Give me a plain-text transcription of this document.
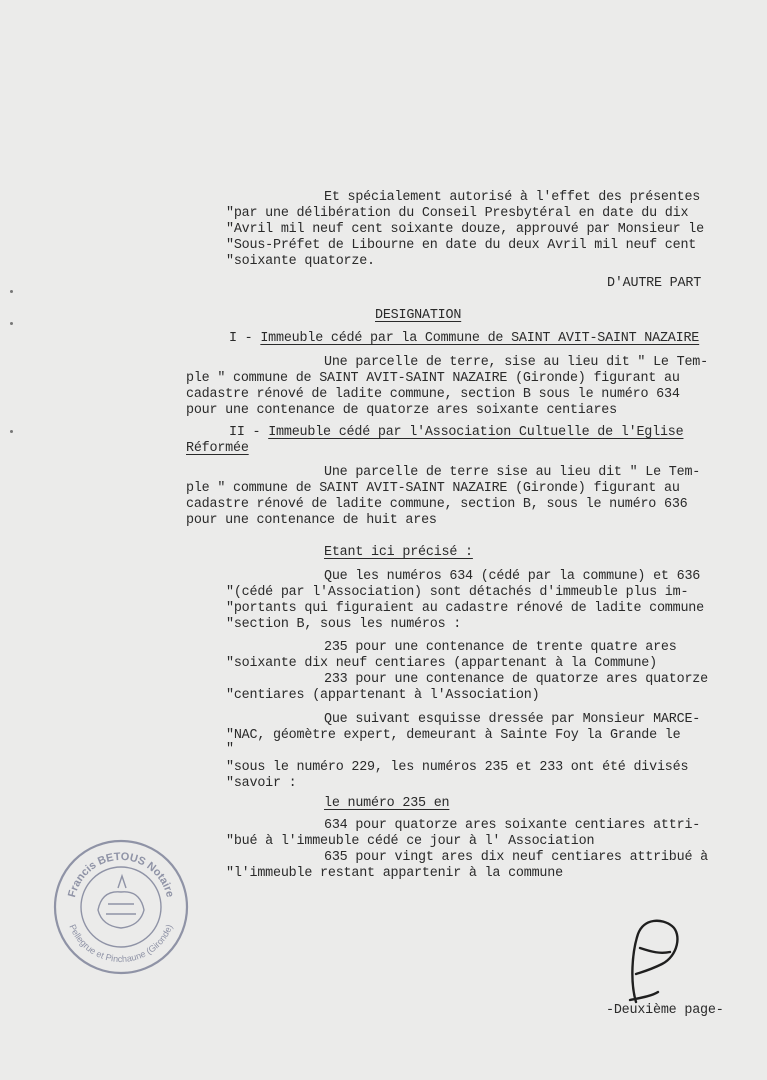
Et spécialement autorisé à l'effet des présentes
"par une délibération du Conseil Presbytéral en date du dix
"Avril mil neuf cent soixante douze, approuvé par Monsieur le
"Sous-Préfet de Libourne en date du deux Avril mil neuf cent
"soixante quatorze.
D'AUTRE PART
DESIGNATION
I - Immeuble cédé par la Commune de SAINT AVIT-SAINT NAZAIRE
Une parcelle de terre, sise au lieu dit " Le Tem-
ple " commune de SAINT AVIT-SAINT NAZAIRE (Gironde) figurant au
cadastre rénové de ladite commune, section B sous le numéro 634
pour une contenance de quatorze ares soixante centiares
II - Immeuble cédé par l'Association Cultuelle de l'Eglise
Réformée
Une parcelle de terre sise au lieu dit " Le Tem-
ple " commune de SAINT AVIT-SAINT NAZAIRE (Gironde) figurant au
cadastre rénové de ladite commune, section B, sous le numéro 636
pour une contenance de huit ares
Etant ici précisé :
Que les numéros 634 (cédé par la commune) et 636
"(cédé par l'Association) sont détachés d'immeuble plus im-
"portants qui figuraient au cadastre rénové de ladite commune
"section B, sous les numéros :
235 pour une contenance de trente quatre ares
"soixante dix neuf centiares (appartenant à la Commune)
233 pour une contenance de quatorze ares quatorze
"centiares (appartenant à l'Association)
Que suivant esquisse dressée par Monsieur MARCE-
"NAC, géomètre expert, demeurant à Sainte Foy la Grande le
"
"sous le numéro 229, les numéros 235 et 233 ont été divisés
"savoir :
le numéro 235 en
634 pour quatorze ares soixante centiares attri-
"bué à l'immeuble cédé ce jour à l' Association
635 pour vingt ares dix neuf centiares attribué à
"l'immeuble restant appartenir à la commune
Francis BETOUS Notaire
Pellegrue et Pinchaune (Gironde)
-Deuxième page-
